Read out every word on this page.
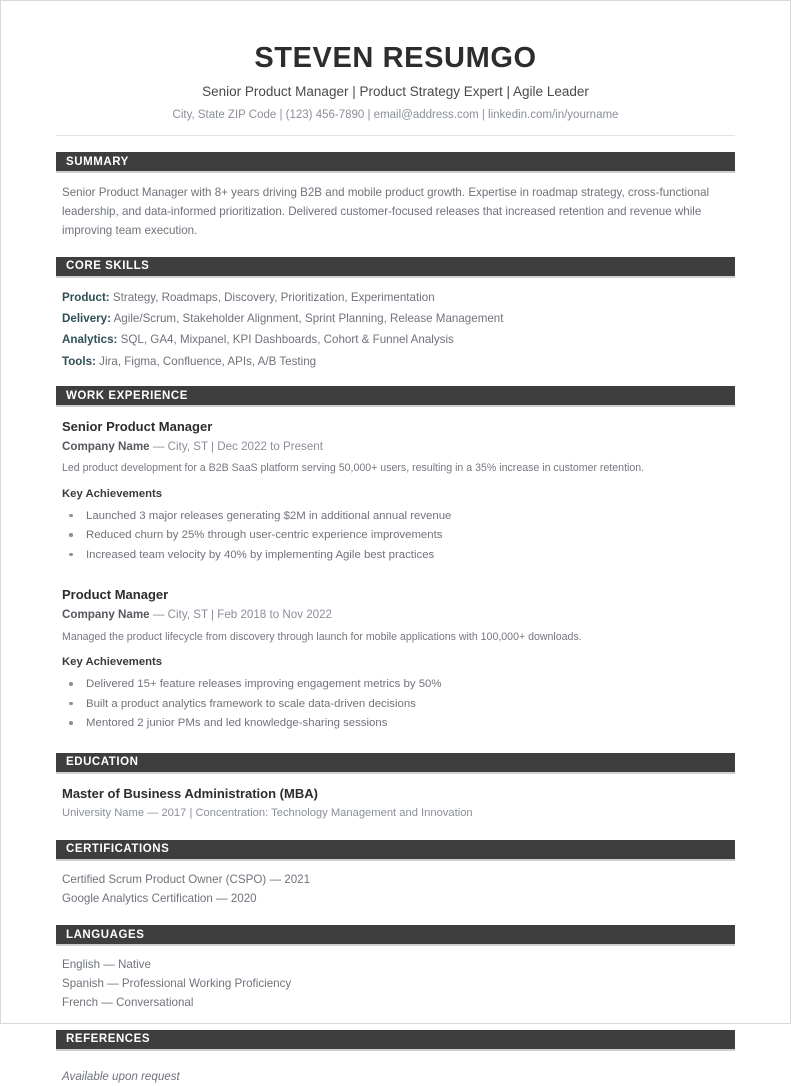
STEVEN RESUMGO
Senior Product Manager | Product Strategy Expert | Agile Leader
City, State ZIP Code | (123) 456-7890 | email@address.com | linkedin.com/in/yourname
SUMMARY
Senior Product Manager with 8+ years driving B2B and mobile product growth. Expertise in roadmap strategy, cross-functional leadership, and data-informed prioritization. Delivered customer-focused releases that increased retention and revenue while improving team execution.
CORE SKILLS
Product: Strategy, Roadmaps, Discovery, Prioritization, Experimentation
Delivery: Agile/Scrum, Stakeholder Alignment, Sprint Planning, Release Management
Analytics: SQL, GA4, Mixpanel, KPI Dashboards, Cohort & Funnel Analysis
Tools: Jira, Figma, Confluence, APIs, A/B Testing
WORK EXPERIENCE
Senior Product Manager
Company Name — City, ST | Dec 2022 to Present
Led product development for a B2B SaaS platform serving 50,000+ users, resulting in a 35% increase in customer retention.
Key Achievements
Launched 3 major releases generating $2M in additional annual revenue
Reduced churn by 25% through user-centric experience improvements
Increased team velocity by 40% by implementing Agile best practices
Product Manager
Company Name — City, ST | Feb 2018 to Nov 2022
Managed the product lifecycle from discovery through launch for mobile applications with 100,000+ downloads.
Key Achievements
Delivered 15+ feature releases improving engagement metrics by 50%
Built a product analytics framework to scale data-driven decisions
Mentored 2 junior PMs and led knowledge-sharing sessions
EDUCATION
Master of Business Administration (MBA)
University Name — 2017 | Concentration: Technology Management and Innovation
CERTIFICATIONS
Certified Scrum Product Owner (CSPO) — 2021
Google Analytics Certification — 2020
LANGUAGES
English — Native
Spanish — Professional Working Proficiency
French — Conversational
REFERENCES
Available upon request
